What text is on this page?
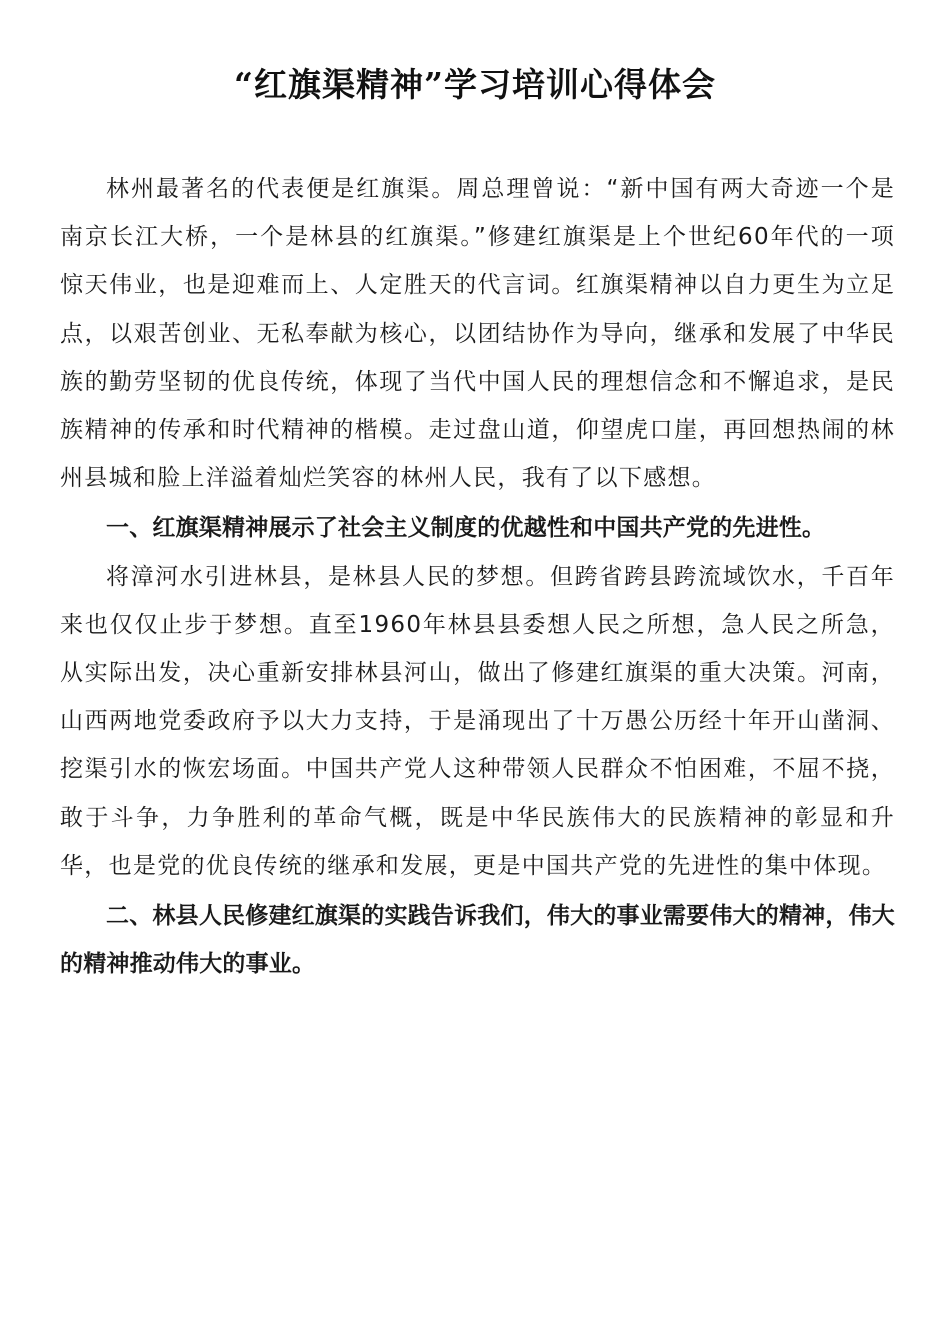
“红旗渠精神”学习培训心得体会

林州最著名的代表便是红旗渠。周总理曾说：“新中国有两大奇迹一个是南京长江大桥，一个是林县的红旗渠。”修建红旗渠是上个世纪60年代的一项惊天伟业，也是迎难而上、人定胜天的代言词。红旗渠精神以自力更生为立足点，以艰苦创业、无私奉献为核心，以团结协作为导向，继承和发展了中华民族的勤劳坚韧的优良传统，体现了当代中国人民的理想信念和不懈追求，是民族精神的传承和时代精神的楷模。走过盘山道，仰望虎口崖，再回想热闹的林州县城和脸上洋溢着灿烂笑容的林州人民，我有了以下感想。

一、红旗渠精神展示了社会主义制度的优越性和中国共产党的先进性。

将漳河水引进林县，是林县人民的梦想。但跨省跨县跨流域饮水，千百年来也仅仅止步于梦想。直至1960年林县县委想人民之所想，急人民之所急，从实际出发，决心重新安排林县河山，做出了修建红旗渠的重大决策。河南，山西两地党委政府予以大力支持，于是涌现出了十万愚公历经十年开山凿洞、挖渠引水的恢宏场面。中国共产党人这种带领人民群众不怕困难，不屈不挠，敢于斗争，力争胜利的革命气概，既是中华民族伟大的民族精神的彰显和升华，也是党的优良传统的继承和发展，更是中国共产党的先进性的集中体现。

二、林县人民修建红旗渠的实践告诉我们，伟大的事业需要伟大的精神，伟大的精神推动伟大的事业。
